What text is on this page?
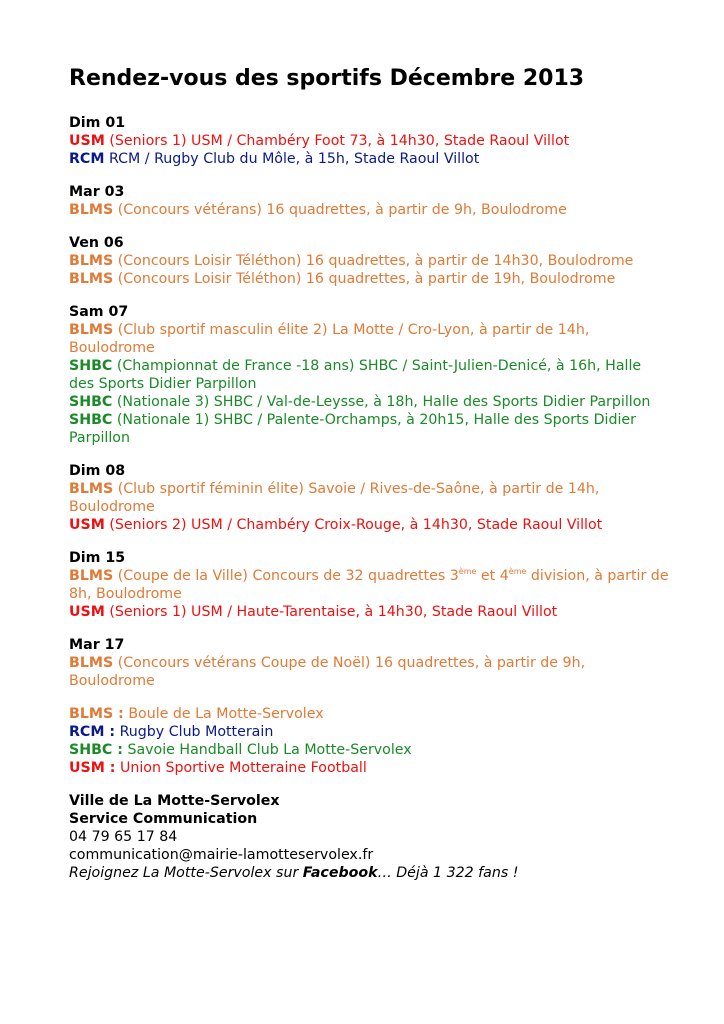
Rendez-vous des sportifs Décembre 2013
Dim 01
USM (Seniors 1) USM / Chambéry Foot 73, à 14h30, Stade Raoul Villot
RCM RCM / Rugby Club du Môle, à 15h, Stade Raoul Villot
Mar 03
BLMS (Concours vétérans) 16 quadrettes, à partir de 9h, Boulodrome
Ven 06
BLMS (Concours Loisir Téléthon) 16 quadrettes, à partir de 14h30, Boulodrome
BLMS (Concours Loisir Téléthon) 16 quadrettes, à partir de 19h, Boulodrome
Sam 07
BLMS (Club sportif masculin élite 2) La Motte / Cro-Lyon, à partir de 14h, Boulodrome
SHBC (Championnat de France -18 ans) SHBC / Saint-Julien-Denicé, à 16h, Halle des Sports Didier Parpillon
SHBC (Nationale 3) SHBC / Val-de-Leysse, à 18h, Halle des Sports Didier Parpillon
SHBC (Nationale 1) SHBC / Palente-Orchamps, à 20h15, Halle des Sports Didier Parpillon
Dim 08
BLMS (Club sportif féminin élite) Savoie / Rives-de-Saône, à partir de 14h, Boulodrome
USM (Seniors 2) USM / Chambéry Croix-Rouge, à 14h30, Stade Raoul Villot
Dim 15
BLMS (Coupe de la Ville) Concours de 32 quadrettes 3ème et 4ème division, à partir de 8h, Boulodrome
USM (Seniors 1) USM / Haute-Tarentaise, à 14h30, Stade Raoul Villot
Mar 17
BLMS (Concours vétérans Coupe de Noël) 16 quadrettes, à partir de 9h, Boulodrome
BLMS : Boule de La Motte-Servolex
RCM : Rugby Club Motterain
SHBC : Savoie Handball Club La Motte-Servolex
USM : Union Sportive Motteraine Football
Ville de La Motte-Servolex
Service Communication
04 79 65 17 84
communication@mairie-lamotteservolex.fr
Rejoignez La Motte-Servolex sur Facebook… Déjà 1 322 fans !
